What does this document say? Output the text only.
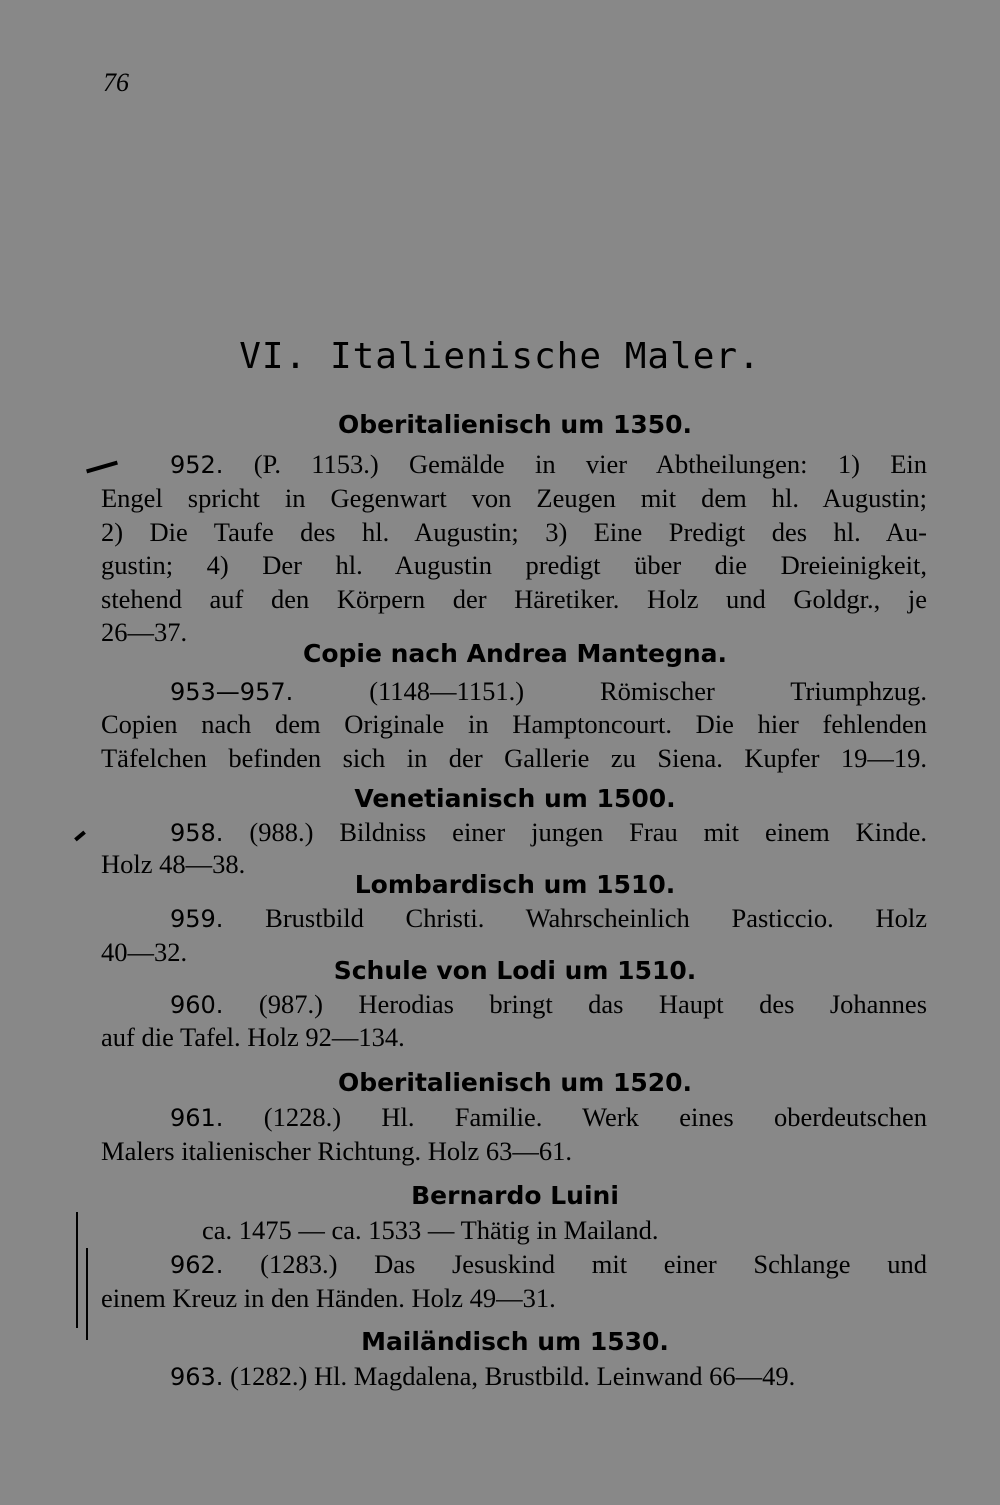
76
VI. Italienische Maler.
Oberitalienisch um 1350.
952. (P. 1153.) Gemälde in vier Abtheilungen: 1) Ein
Engel spricht in Gegenwart von Zeugen mit dem hl. Augustin;
2) Die Taufe des hl. Augustin; 3) Eine Predigt des hl. Au-
gustin; 4) Der hl. Augustin predigt über die Dreieinigkeit,
stehend auf den Körpern der Häretiker. Holz und Goldgr., je
26—37.
Copie nach Andrea Mantegna.
953—957.	(1148—1151.) Römischer Triumphzug.
Copien nach dem Originale in Hamptoncourt. Die hier fehlenden
Täfelchen befinden sich in der Gallerie zu Siena. Kupfer 19—19.
Venetianisch um 1500.
958. (988.) Bildniss einer jungen Frau mit einem Kinde.
Holz 48—38.
Lombardisch um 1510.
959. Brustbild Christi. Wahrscheinlich Pasticcio. Holz
40—32.
Schule von Lodi um 1510.
960. (987.) Herodias bringt das Haupt des Johannes
auf die Tafel. Holz 92—134.
Oberitalienisch um 1520.
961. (1228.) Hl. Familie. Werk eines oberdeutschen
Malers italienischer Richtung. Holz 63—61.
Bernardo Luini
ca. 1475 — ca. 1533 — Thätig in Mailand.
962. (1283.) Das Jesuskind mit einer Schlange und
einem Kreuz in den Händen. Holz 49—31.
Mailändisch um 1530.
963. (1282.) Hl. Magdalena, Brustbild. Leinwand 66—49.
